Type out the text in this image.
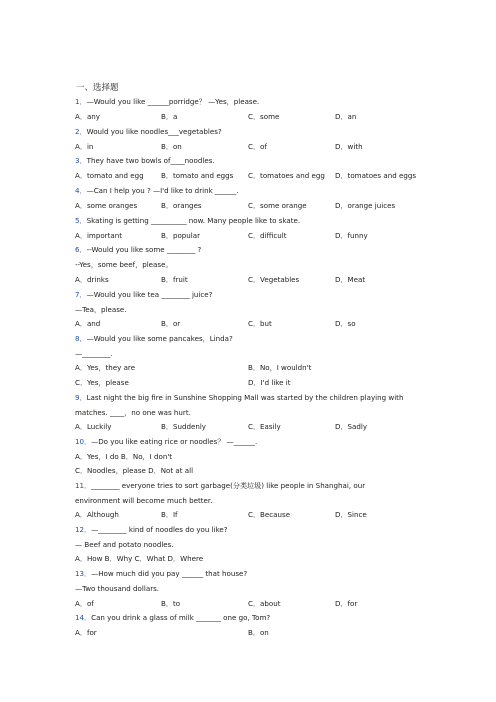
一、选择题
1．—Would you like ______porridge？ —Yes，please.
A．any	B．a	C．some	D．an
2．Would you like noodles___vegetables?
A．in	B．on	C．of	D．with
3．They have two bowls of____noodles.
A．tomato and egg B．tomato and eggs C．tomatoes and egg D．tomatoes and eggs
4．—Can I help you ? —I'd like to drink ______.
A．some oranges	B．oranges	C．some orange	D．orange juices
5．Skating is getting __________ now. Many people like to skate.
A．important	B．popular	C．difficult	D．funny
6．--Would you like some ________ ?
--Yes，some beef，please。
A．drinks	B．fruit	C．Vegetables	D．Meat
7．—Would you like tea ________ juice?
—Tea，please.
A．and	B．or	C．but	D．so
8．—Would you like some pancakes，Linda?
—________.
A．Yes，they are	B．No，I wouldn't
C．Yes，please	D．I'd like it
9．Last night the big fire in Sunshine Shopping Mall was started by the children playing with
matches. ____，no one was hurt.
A．Luckily	B．Suddenly	C．Easily	D．Sadly
10．—Do you like eating rice or noodles？ —______.
A．Yes，I do B．No，I don't
C．Noodles，please D．Not at all
11．________ everyone tries to sort garbage(分类垃圾) like people in Shanghai, our
environment will become much better.
A．Although	B．If	C．Because	D．Since
12．—________ kind of noodles do you like?
— Beef and potato noodles.
A．How B．Why C．What D．Where
13．—How much did you pay ______ that house?
—Two thousand dollars.
A．of	B．to	C．about	D．for
14．Can you drink a glass of milk _______ one go, Tom?
A．for	B．on
